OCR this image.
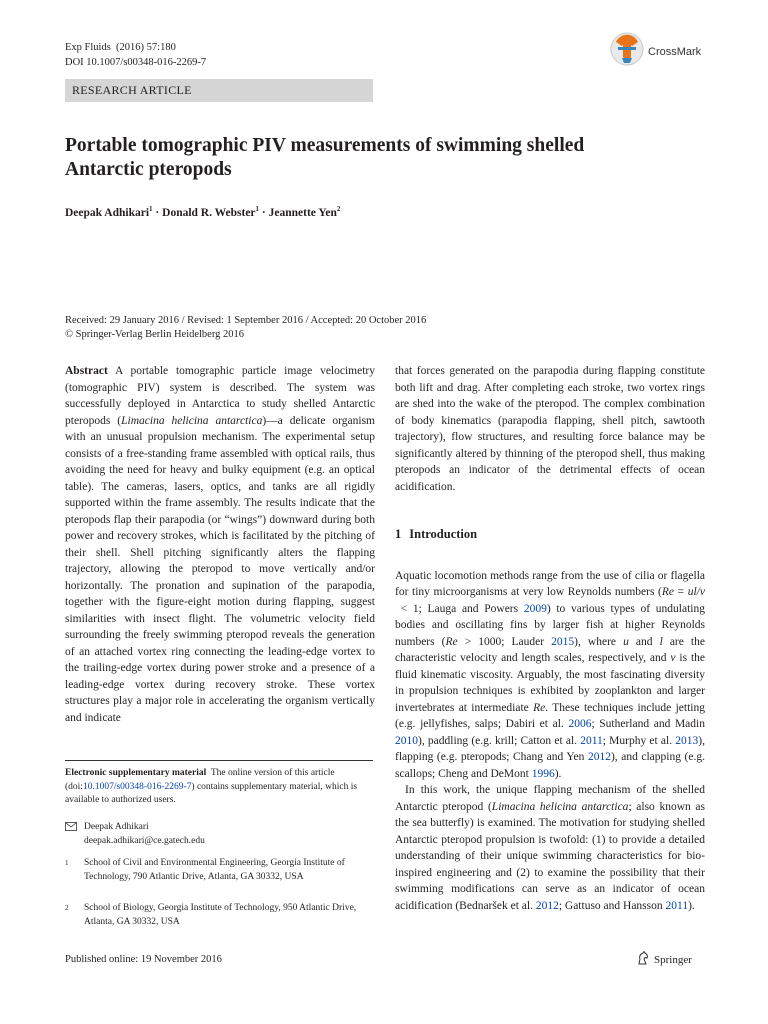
Exp Fluids  (2016) 57:180
DOI 10.1007/s00348-016-2269-7
CrossMark
RESEARCH ARTICLE
Portable tomographic PIV measurements of swimming shelled
Antarctic pteropods
Deepak Adhikari$^1$ · Donald R. Webster$^1$ · Jeannette Yen$^2$
Received: 29 January 2016 / Revised: 1 September 2016 / Accepted: 20 October 2016
© Springer-Verlag Berlin Heidelberg 2016

Abstract A portable tomographic particle image velocimetry (tomographic PIV) system is described. The system was successfully deployed in Antarctica to study shelled Antarctic pteropods (Limacina helicina antarctica)—a delicate organism with an unusual propulsion mechanism. The experimental setup consists of a free-standing frame assembled with optical rails, thus avoiding the need for heavy and bulky equipment (e.g. an optical table). The cameras, lasers, optics, and tanks are all rigidly supported within the frame assembly. The results indicate that the pteropods flap their parapodia (or “wings”) downward during both power and recovery strokes, which is facilitated by the pitching of their shell. Shell pitching significantly alters the flapping trajectory, allowing the pteropod to move vertically and/or horizontally. The pronation and supination of the parapodia, together with the figure-eight motion during flapping, suggest similarities with insect flight. The volumetric velocity field surrounding the freely swimming pteropod reveals the generation of an attached vortex ring connecting the leading-edge vortex to the trailing-edge vortex during power stroke and a presence of a leading-edge vortex during recovery stroke. These vortex structures play a major role in accelerating the organism vertically and indicate

that forces generated on the parapodia during flapping constitute both lift and drag. After completing each stroke, two vortex rings are shed into the wake of the pteropod. The complex combination of body kinematics (parapodia flapping, shell pitch, sawtooth trajectory), flow structures, and resulting force balance may be significantly altered by thinning of the pteropod shell, thus making pteropods an indicator of the detrimental effects of ocean acidification.

1 Introduction

Aquatic locomotion methods range from the use of cilia or flagella for tiny microorganisms at very low Reynolds numbers (Re = ul/ν < 1; Lauga and Powers 2009) to various types of undulating bodies and oscillating fins by larger fish at higher Reynolds numbers (Re > 1000; Lauder 2015), where u and l are the characteristic velocity and length scales, respectively, and ν is the fluid kinematic viscosity. Arguably, the most fascinating diversity in propulsion techniques is exhibited by zooplankton and larger invertebrates at intermediate Re. These techniques include jetting (e.g. jellyfishes, salps; Dabiri et al. 2006; Sutherland and Madin 2010), paddling (e.g. krill; Catton et al. 2011; Murphy et al. 2013), flapping (e.g. pteropods; Chang and Yen 2012), and clapping (e.g. scallops; Cheng and DeMont 1996).

In this work, the unique flapping mechanism of the shelled Antarctic pteropod (Limacina helicina antarctica; also known as the sea butterfly) is examined. The motivation for studying shelled Antarctic pteropod propulsion is twofold: (1) to provide a detailed understanding of their unique swimming characteristics for bio-inspired engineering and (2) to examine the possibility that their swimming modifications can serve as an indicator of ocean acidification (Bednaršek et al. 2012; Gattuso and Hansson 2011).

Electronic supplementary material  The online version of this article (doi:10.1007/s00348-016-2269-7) contains supplementary material, which is available to authorized users.
Deepak Adhikari
deepak.adhikari@ce.gatech.edu
1 School of Civil and Environmental Engineering, Georgia Institute of Technology, 790 Atlantic Drive, Atlanta, GA 30332, USA
2 School of Biology, Georgia Institute of Technology, 950 Atlantic Drive, Atlanta, GA 30332, USA
Published online: 19 November 2016	Springer
